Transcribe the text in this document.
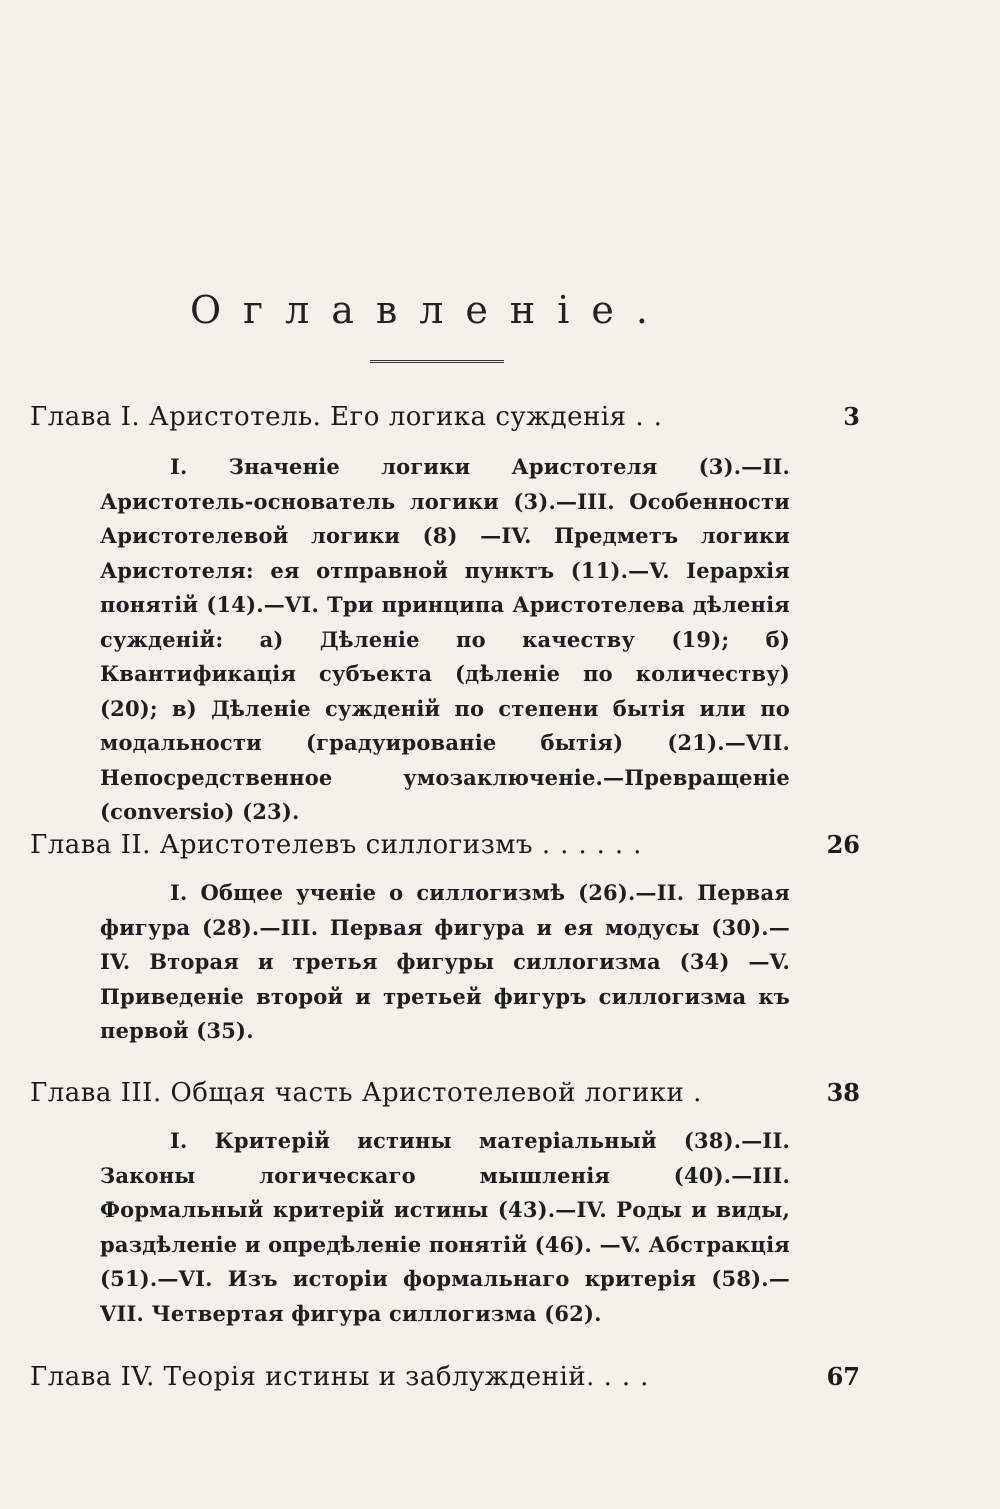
Оглавленіе.
Глава I. Аристотель. Его логика сужденія ..	3
I. Значеніе логики Аристотеля (3).—II. Аристотель-основатель логики (3).—III. Особенности Аристотелевой логики (8) —IV. Предметъ логики Аристотеля: ея отправной пунктъ (11).—V. Іерархія понятій (14).—VI. Три принципа Аристотелева дѣленія сужденій: а) Дѣленіе по качеству (19); б) Квантификація субъекта (дѣленіе по количеству) (20); в) Дѣленіе сужденій по степени бытія или по модальности (градуированіе бытія) (21).—VII. Непосредственное умозаключеніе.—Превращеніе (conversio) (23).
Глава II. Аристотелевъ силлогизмъ ......	26
I. Общее ученіе о силлогизмѣ (26).—II. Первая фигура (28).—III. Первая фигура и ея модусы (30).—IV. Вторая и третья фигуры силлогизма (34) —V. Приведеніе второй и третьей фигуръ силлогизма къ первой (35).
Глава III. Общая часть Аристотелевой логики .	38
I. Критерій истины матеріальный (38).—II. Законы логическаго мышленія (40).—III. Формальный критерій истины (43).—IV. Роды и виды, раздѣленіе и опредѣленіе понятій (46). —V. Абстракція (51).—VI. Изъ исторіи формальнаго критерія (58).—VII. Четвертая фигура силлогизма (62).
Глава IV. Теорія истины и заблужденій. ...	67
